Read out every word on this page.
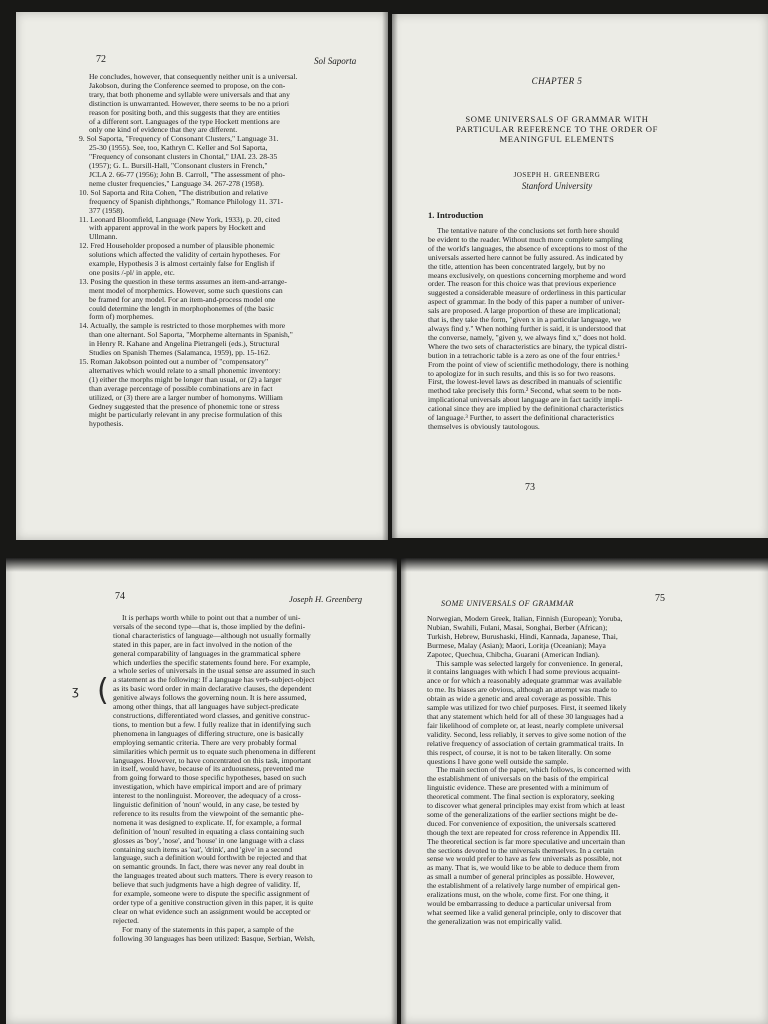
72	Sol Saporta
He concludes, however, that consequently neither unit is a universal.
Jakobson, during the Conference seemed to propose, on the con-
trary, that both phoneme and syllable were universals and that any
distinction is unwarranted. However, there seems to be no a priori
reason for positing both, and this suggests that they are entities
of a different sort. Languages of the type Hockett mentions are
only one kind of evidence that they are different.
9. Sol Saporta, "Frequency of Consonant Clusters," Language 31.
25-30 (1955). See, too, Kathryn C. Keller and Sol Saporta,
"Frequency of consonant clusters in Chontal," IJAL 23. 28-35
(1957); G. L. Bursill-Hall, "Consonant clusters in French,"
JCLA 2. 66-77 (1956); John B. Carroll, "The assessment of pho-
neme cluster frequencies," Language 34. 267-278 (1958).
10. Sol Saporta and Rita Cohen, "The distribution and relative
frequency of Spanish diphthongs," Romance Philology 11. 371-
377 (1958).
11. Leonard Bloomfield, Language (New York, 1933), p. 20, cited
with apparent approval in the work papers by Hockett and
Ullmann.
12. Fred Householder proposed a number of plausible phonemic
solutions which affected the validity of certain hypotheses. For
example, Hypothesis 3 is almost certainly false for English if
one posits /-pl/ in apple, etc.
13. Posing the question in these terms assumes an item-and-arrange-
ment model of morphemics. However, some such questions can
be framed for any model. For an item-and-process model one
could determine the length in morphophonemes of (the basic
form of) morphemes.
14. Actually, the sample is restricted to those morphemes with more
than one alternant. Sol Saporta, "Morpheme alternants in Spanish,"
in Henry R. Kahane and Angelina Pietrangeli (eds.), Structural
Studies on Spanish Themes (Salamanca, 1959), pp. 15-162.
15. Roman Jakobson pointed out a number of "compensatory"
alternatives which would relate to a small phonemic inventory:
(1) either the morphs might be longer than usual, or (2) a larger
than average percentage of possible combinations are in fact
utilized, or (3) there are a larger number of homonyms. William
Gedney suggested that the presence of phonemic tone or stress
might be particularly relevant in any precise formulation of this
hypothesis.
CHAPTER 5
SOME UNIVERSALS OF GRAMMAR WITH
PARTICULAR REFERENCE TO THE ORDER OF
MEANINGFUL ELEMENTS
JOSEPH H. GREENBERG
Stanford University
1. Introduction
The tentative nature of the conclusions set forth here should
be evident to the reader. Without much more complete sampling
of the world's languages, the absence of exceptions to most of the
universals asserted here cannot be fully assured. As indicated by
the title, attention has been concentrated largely, but by no
means exclusively, on questions concerning morpheme and word
order. The reason for this choice was that previous experience
suggested a considerable measure of orderliness in this particular
aspect of grammar. In the body of this paper a number of univer-
sals are proposed. A large proportion of these are implicational;
that is, they take the form, "given x in a particular language, we
always find y." When nothing further is said, it is understood that
the converse, namely, "given y, we always find x," does not hold.
Where the two sets of characteristics are binary, the typical distri-
bution in a tetrachoric table is a zero as one of the four entries.¹
From the point of view of scientific methodology, there is nothing
to apologize for in such results, and this is so for two reasons.
First, the lowest-level laws as described in manuals of scientific
method take precisely this form.² Second, what seem to be non-
implicational universals about language are in fact tacitly impli-
cational since they are implied by the definitional characteristics
of language.³ Further, to assert the definitional characteristics
themselves is obviously tautologous.
73
74	Joseph H. Greenberg
It is perhaps worth while to point out that a number of uni-
versals of the second type—that is, those implied by the defini-
tional characteristics of language—although not usually formally
stated in this paper, are in fact involved in the notion of the
general comparability of languages in the grammatical sphere
which underlies the specific statements found here. For example,
a whole series of universals in the usual sense are assumed in such
a statement as the following: If a language has verb-subject-object
as its basic word order in main declarative clauses, the dependent
genitive always follows the governing noun. It is here assumed,
among other things, that all languages have subject-predicate
constructions, differentiated word classes, and genitive construc-
tions, to mention but a few. I fully realize that in identifying such
phenomena in languages of differing structure, one is basically
employing semantic criteria. There are very probably formal
similarities which permit us to equate such phenomena in different
languages. However, to have concentrated on this task, important
in itself, would have, because of its arduousness, prevented me
from going forward to those specific hypotheses, based on such
investigation, which have empirical import and are of primary
interest to the nonlinguist. Moreover, the adequacy of a cross-
linguistic definition of 'noun' would, in any case, be tested by
reference to its results from the viewpoint of the semantic phe-
nomena it was designed to explicate. If, for example, a formal
definition of 'noun' resulted in equating a class containing such
glosses as 'boy', 'nose', and 'house' in one language with a class
containing such items as 'eat', 'drink', and 'give' in a second
language, such a definition would forthwith be rejected and that
on semantic grounds. In fact, there was never any real doubt in
the languages treated about such matters. There is every reason to
believe that such judgments have a high degree of validity. If,
for example, someone were to dispute the specific assignment of
order type of a genitive construction given in this paper, it is quite
clear on what evidence such an assignment would be accepted or
rejected.
For many of the statements in this paper, a sample of the
following 30 languages has been utilized: Basque, Serbian, Welsh,
(
ʒ
SOME UNIVERSALS OF GRAMMAR	75
Norwegian, Modern Greek, Italian, Finnish (European); Yoruba,
Nubian, Swahili, Fulani, Masai, Songhai, Berber (African);
Turkish, Hebrew, Burushaski, Hindi, Kannada, Japanese, Thai,
Burmese, Malay (Asian); Maori, Loritja (Oceanian); Maya
Zapotec, Quechua, Chibcha, Guarani (American Indian).
This sample was selected largely for convenience. In general,
it contains languages with which I had some previous acquaint-
ance or for which a reasonably adequate grammar was available
to me. Its biases are obvious, although an attempt was made to
obtain as wide a genetic and areal coverage as possible. This
sample was utilized for two chief purposes. First, it seemed likely
that any statement which held for all of these 30 languages had a
fair likelihood of complete or, at least, nearly complete universal
validity. Second, less reliably, it serves to give some notion of the
relative frequency of association of certain grammatical traits. In
this respect, of course, it is not to be taken literally. On some
questions I have gone well outside the sample.
The main section of the paper, which follows, is concerned with
the establishment of universals on the basis of the empirical
linguistic evidence. These are presented with a minimum of
theoretical comment. The final section is exploratory, seeking
to discover what general principles may exist from which at least
some of the generalizations of the earlier sections might be de-
duced. For convenience of exposition, the universals scattered
though the text are repeated for cross reference in Appendix III.
The theoretical section is far more speculative and uncertain than
the sections devoted to the universals themselves. In a certain
sense we would prefer to have as few universals as possible, not
as many. That is, we would like to be able to deduce them from
as small a number of general principles as possible. However,
the establishment of a relatively large number of empirical gen-
eralizations must, on the whole, come first. For one thing, it
would be embarrassing to deduce a particular universal from
what seemed like a valid general principle, only to discover that
the generalization was not empirically valid.
